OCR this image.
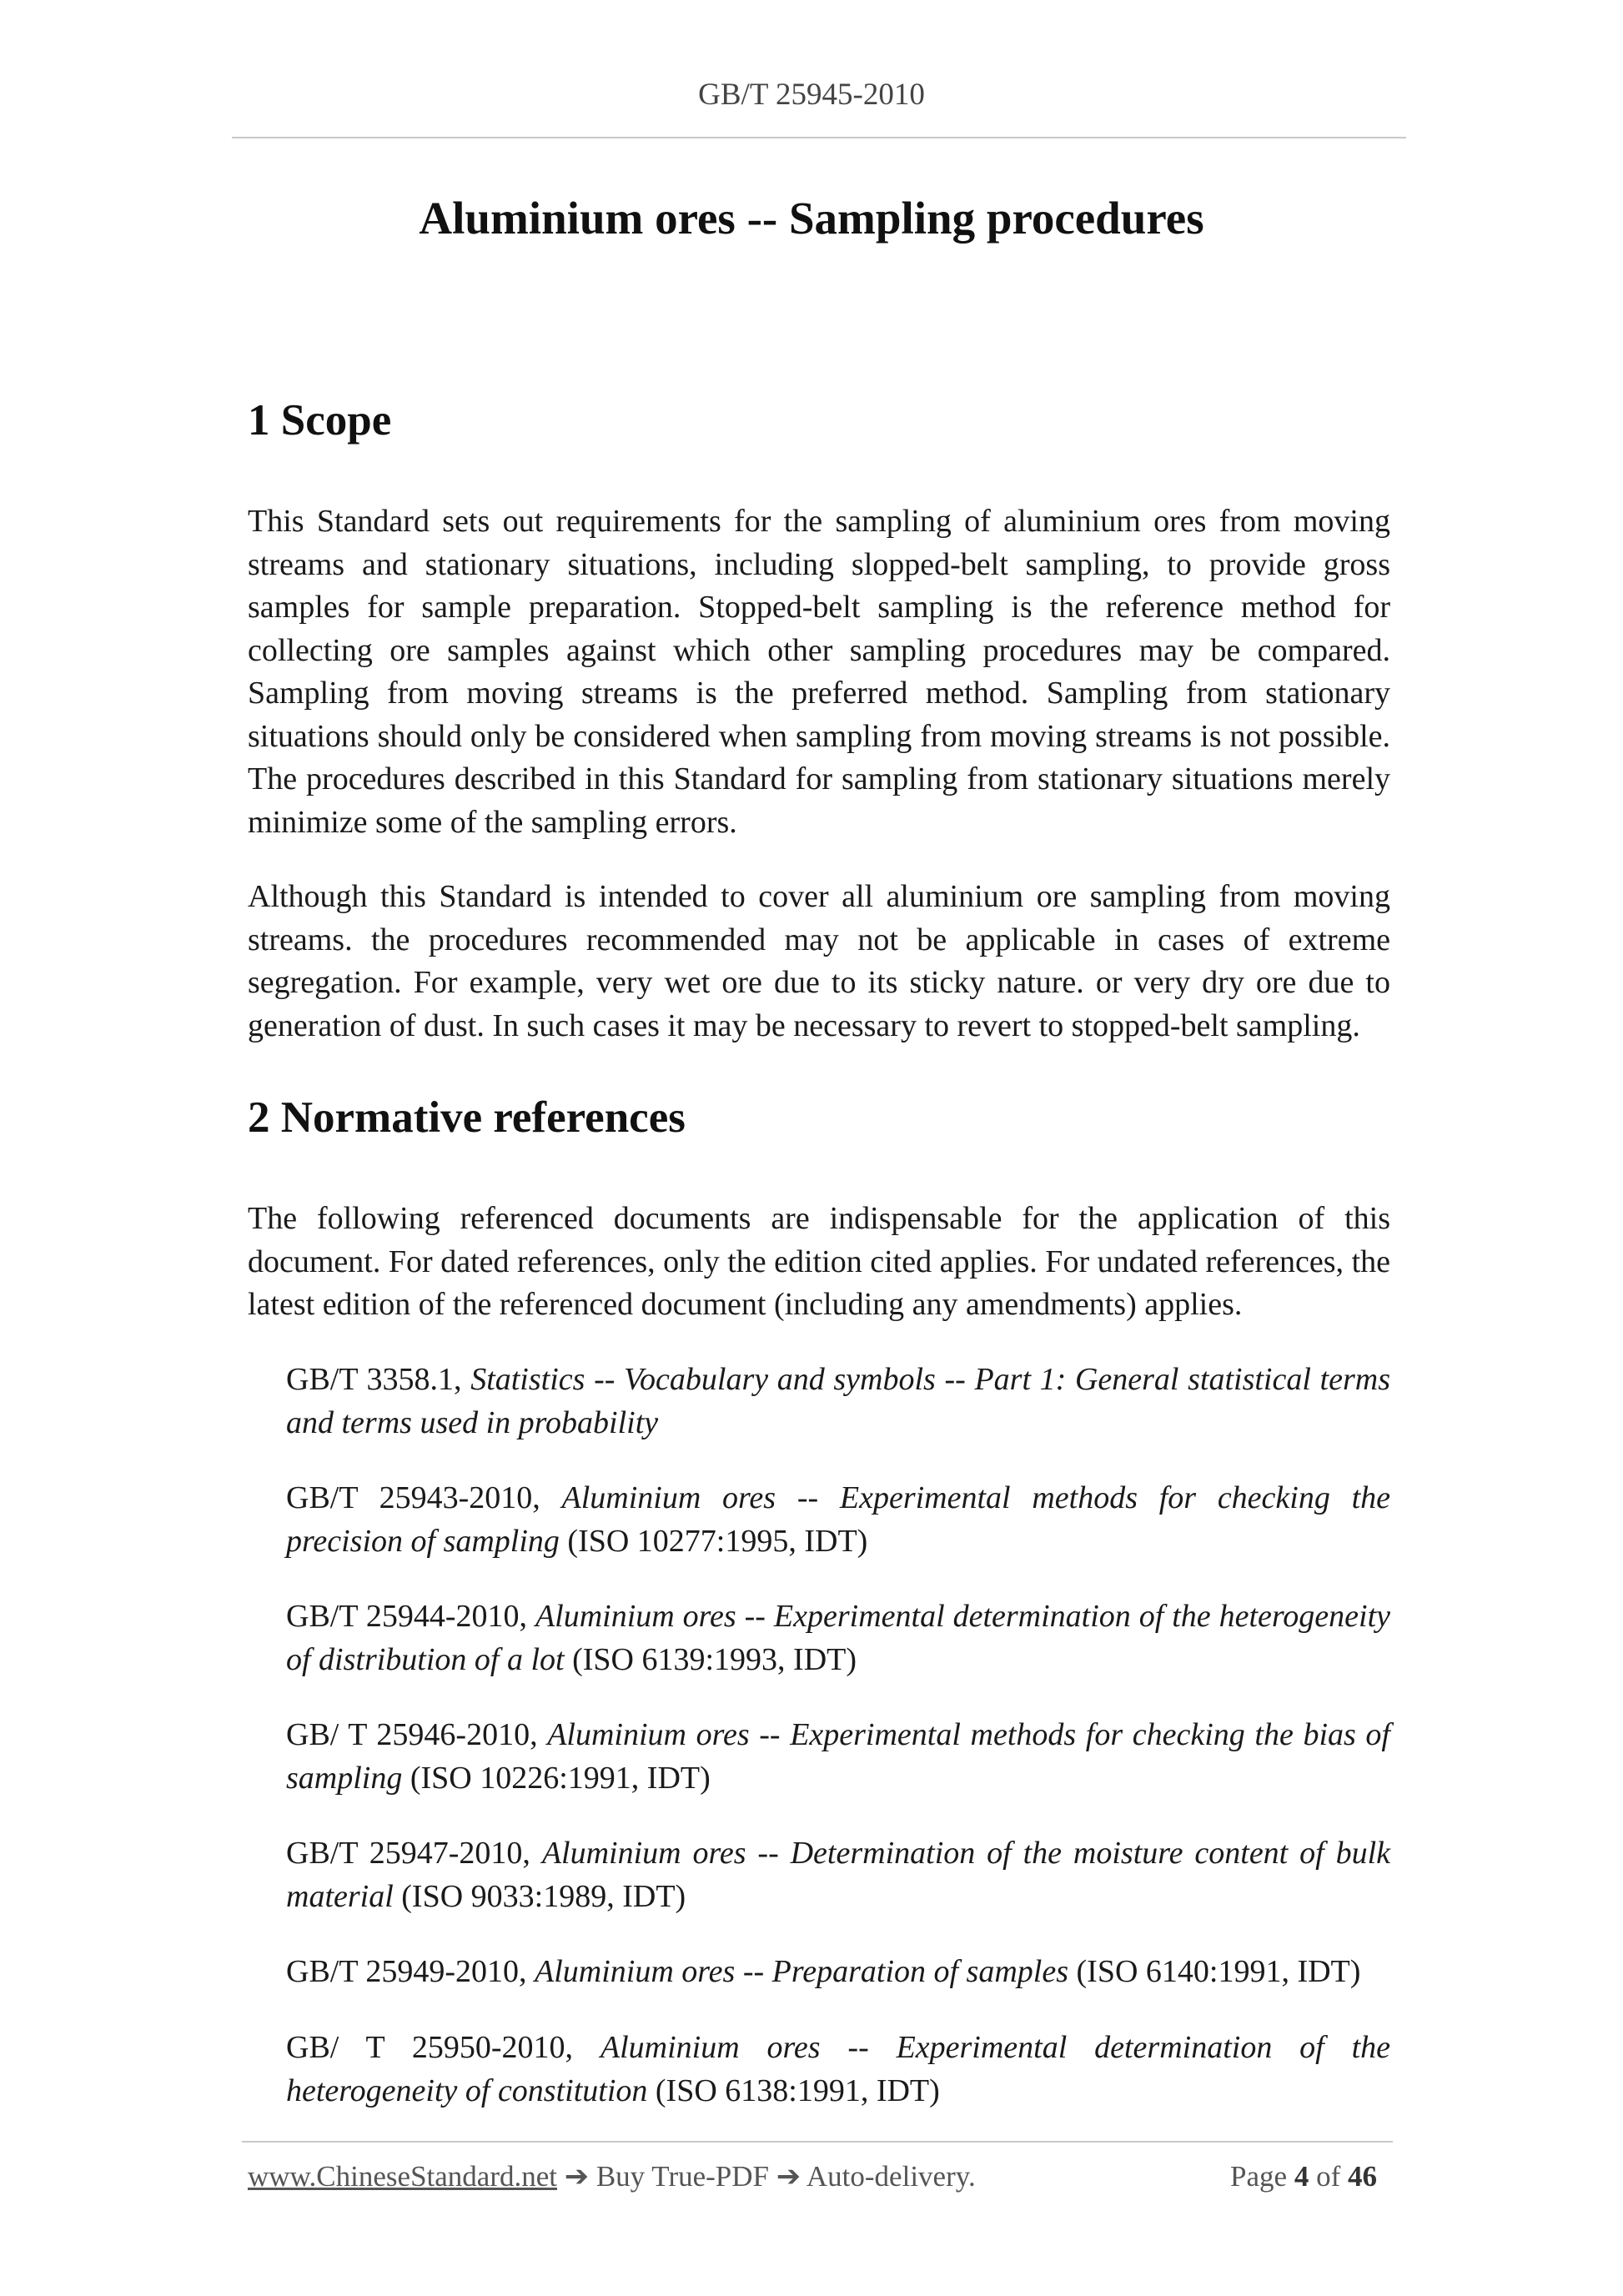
GB/T 25945-2010
Aluminium ores -- Sampling procedures
1 Scope

This Standard sets out requirements for the sampling of aluminium ores from moving streams and stationary situations, including slopped-belt sampling, to provide gross samples for sample preparation. Stopped-belt sampling is the reference method for collecting ore samples against which other sampling procedures may be compared. Sampling from moving streams is the preferred method. Sampling from stationary situations should only be considered when sampling from moving streams is not possible. The procedures described in this Standard for sampling from stationary situations merely minimize some of the sampling errors.

Although this Standard is intended to cover all aluminium ore sampling from moving streams. the procedures recommended may not be applicable in cases of extreme segregation. For example, very wet ore due to its sticky nature. or very dry ore due to generation of dust. In such cases it may be necessary to revert to stopped-belt sampling.

2 Normative references

The following referenced documents are indispensable for the application of this document. For dated references, only the edition cited applies. For undated references, the latest edition of the referenced document (including any amendments) applies.

GB/T 3358.1, Statistics -- Vocabulary and symbols -- Part 1: General statistical terms and terms used in probability

GB/T 25943-2010, Aluminium ores -- Experimental methods for checking the precision of sampling (ISO 10277:1995, IDT)

GB/T 25944-2010, Aluminium ores -- Experimental determination of the heterogeneity of distribution of a lot (ISO 6139:1993, IDT)

GB/ T 25946-2010, Aluminium ores -- Experimental methods for checking the bias of sampling (ISO 10226:1991, IDT)

GB/T 25947-2010, Aluminium ores -- Determination of the moisture content of bulk material (ISO 9033:1989, IDT)

GB/T 25949-2010, Aluminium ores -- Preparation of samples (ISO 6140:1991, IDT)

GB/ T 25950-2010, Aluminium ores -- Experimental determination of the heterogeneity of constitution (ISO 6138:1991, IDT)

www.ChineseStandard.net ➔ Buy True-PDF ➔ Auto-delivery.	Page 4 of 46
